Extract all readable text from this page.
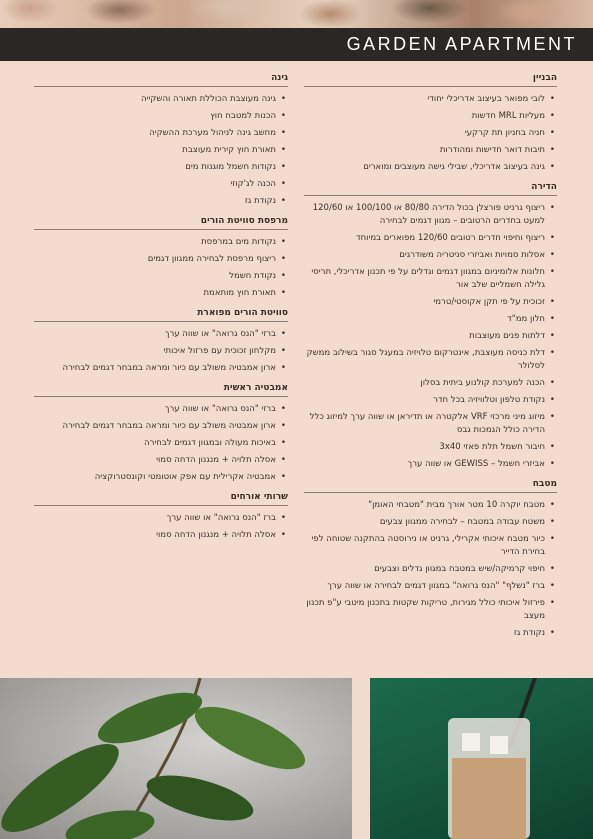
GARDEN APARTMENT
הבניין
• לובי מפואר בעיצוב אדריכלי יחודי
• מעליות MRL חדשות
• חניה בחניון תת קרקעי
• תיבות דואר חדישות ומהודרות
• גינה בעיצוב אדריכלי, שבילי גישה מעוצבים ומוארים
הדירה
• ריצוף גרניט פורצלן בכול הדירה 80/80 או 100/100 או 120/60 למעט בחדרים הרטובים – מגוון דגמים לבחירה
• ריצוף וחיפוי חדרים רטובים 120/60 מפוארים במיוחד
• אסלות סמויות ואביזרי סניטריה משודרגים
• חלונות אלומיניום במגוון דגמים וגדלים על פי תכנון אדריכלי, תריסי גלילה חשמליים שלב אור
• זכוכית על פי תקן אקוסטי/טרמי
• חלון ממ"ד
• דלתות פנים מעוצבות
• דלת כניסה מעוצבת, אינטרקום טלויזיה במעגל סגור בשילוב ממשק לסלולר
• הכנה למערכת קולנוע ביתית בסלון
• נקודת טלפון וטלוויזיה בכל חדר
• מיזוג מיני מרכזי VRF אלקטרה או תדיראן או שווה ערך למיזוג כלל הדירה כולל הגמכות גבס
• חיבור חשמל תלת פאזי 3x40
• אביזרי חשמל – GEWISS או שווה ערך
מטבח
• מטבח יוקרה 10 מטר אורך מבית "מטבחי האומן"
• משטח עבודה במטבח – לבחירה ממגוון צבעים
• כיור מטבח איכותי אקרילי, גרניט או נירוסטה בהתקנה שטוחה לפי בחירת הדייר
• חיפוי קרמיקה/שיש במטבח במגוון גדלים וצבעים
• ברז "נשלף" "הנס גרואה" במגוון דגמים לבחירה או שווה ערך
• פירזול איכותי כולל מגירות, טריקות שקטות בתכנון מיטבי ע"פ תכנון מעצב
• נקודת גז
גינה
• גינה מעוצבת הכוללת תאורה והשקייה
• הכנות למטבח חוץ
• מחשב גינה לניהול מערכת ההשקיה
• תאורת חוץ קירית מעוצבת
• נקודות חשמל מוגנות מים
• הכנה לג'קוזי
• נקודת גז
מרפסת סוויטת הורים
• נקודות מים במרפסת
• ריצוף מרפסת לבחירה ממגוון דגמים
• נקודת חשמל
• תאורת חוץ מותאמת
סוויטת הורים מפוארת
• ברזי "הנס גרואה" או שווה ערך
• מקלחון זכוכית עם פרזול איכותי
• ארון אמבטיה משולב עם כיור ומראה במבחר דגמים לבחירה
אמבטיה ראשית
• ברזי "הנס גרואה" או שווה ערך
• ארון אמבטיה משולב עם כיור ומראה במבחר דגמים לבחירה
• באיכות מעולה ובמגוון דגמים לבחירה
• אסלה תלויה + מנגנון הדחה סמוי
• אמבטיה אקרילית עם אפק אוטומטי וקונסטרוקציה
שרותי אורחים
• ברז "הנס גרואה" או שווה ערך
• אסלה תלויה + מנגנון הדחה סמוי
